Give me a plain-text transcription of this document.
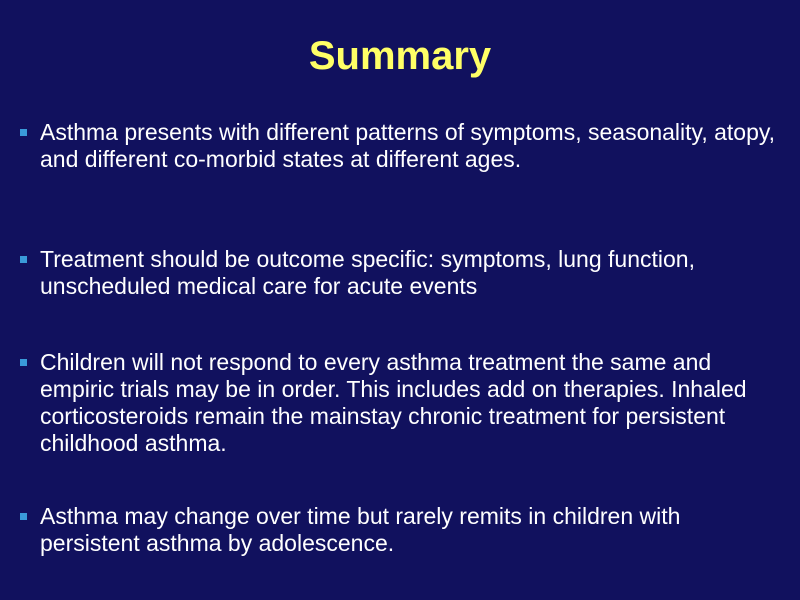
Summary

Asthma presents with different patterns of symptoms, seasonality, atopy, and different co-morbid states at different ages.

Treatment should be outcome specific: symptoms, lung function, unscheduled medical care for acute events

Children will not respond to every asthma treatment the same and empiric trials may be in order. This includes add on therapies. Inhaled corticosteroids remain the mainstay chronic treatment for persistent childhood asthma.

Asthma may change over time but rarely remits in children with persistent asthma by adolescence.
